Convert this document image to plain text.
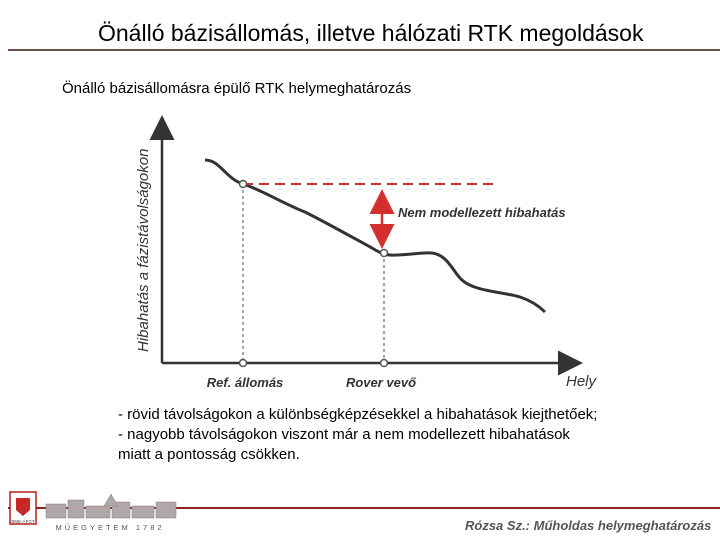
Önálló bázisállomás, illetve hálózati RTK megoldások
Önálló bázisállomásra épülő RTK helymeghatározás
Hibahatás a fázistávolságokon
Hely
Ref. állomás	Rover vevő
Nem modellezett hibahatás
- rövid távolságokon a különbségképzésekkel a hibahatások kiejthetőek;
- nagyobb távolságokon viszont már a nem modellezett hibahatások
miatt a pontosság csökken.
BME-ÁFGT
MŰEGYETEM 1782	Rózsa Sz.: Műholdas helymeghatározás
